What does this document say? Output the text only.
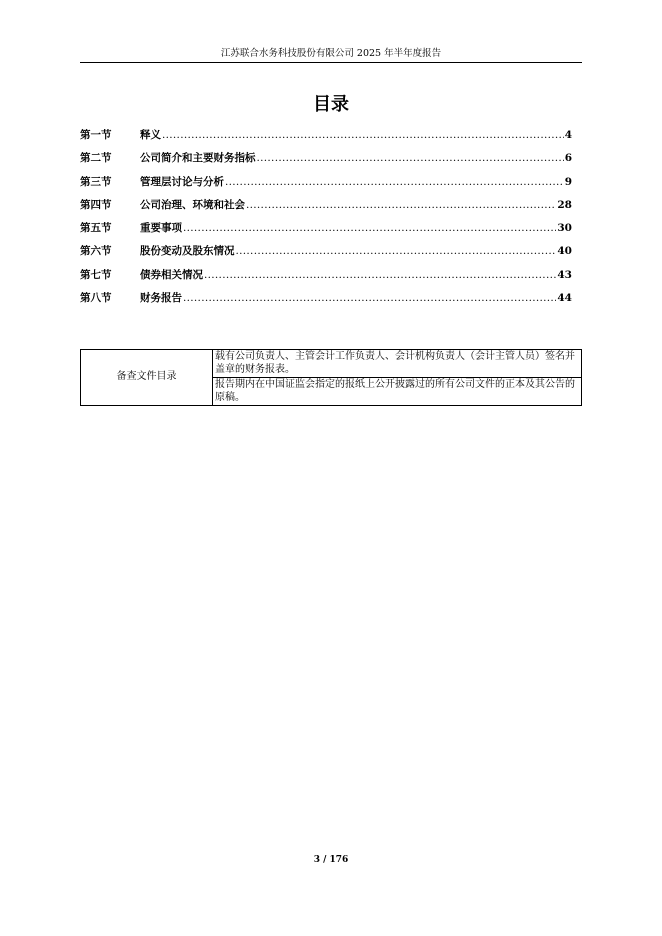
江苏联合水务科技股份有限公司 2025 年半年度报告
目录
第一节	释义 .....	4
第二节	公司简介和主要财务指标 .....	6
第三节	管理层讨论与分析 .....	9
第四节	公司治理、环境和社会 .....	28
第五节	重要事项 .....	30
第六节	股份变动及股东情况 .....	40
第七节	债券相关情况 .....	43
第八节	财务报告 .....	44
备查文件目录	载有公司负责人、主管会计工作负责人、会计机构负责人（会计主管人员）签名并盖章的财务报表。
报告期内在中国证监会指定的报纸上公开披露过的所有公司文件的正本及其公告的原稿。
3 / 176
